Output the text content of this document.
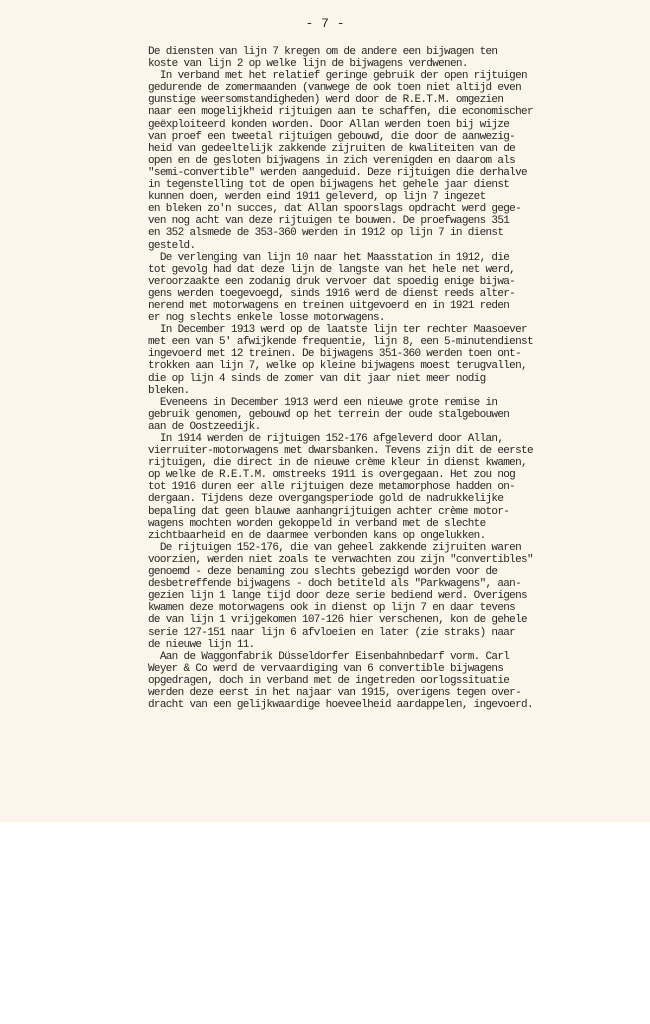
- 7 -
De diensten van lijn 7 kregen om de andere een bijwagen ten
koste van lijn 2 op welke lijn de bijwagens verdwenen.
In verband met het relatief geringe gebruik der open rijtuigen
gedurende de zomermaanden (vanwege de ook toen niet altijd even
gunstige weersomstandigheden) werd door de R.E.T.M. omgezien
naar een mogelijkheid rijtuigen aan te schaffen, die economischer
geëxploiteerd konden worden. Door Allan werden toen bij wijze
van proef een tweetal rijtuigen gebouwd, die door de aanwezig-
heid van gedeeltelijk zakkende zijruiten de kwaliteiten van de
open en de gesloten bijwagens in zich verenigden en daarom als
"semi-convertible" werden aangeduid. Deze rijtuigen die derhalve
in tegenstelling tot de open bijwagens het gehele jaar dienst
kunnen doen, werden eind 1911 geleverd, op lijn 7 ingezet
en bleken zo'n succes, dat Allan spoorslags opdracht werd gege-
ven nog acht van deze rijtuigen te bouwen. De proefwagens 351
en 352 alsmede de 353-360 werden in 1912 op lijn 7 in dienst
gesteld.
De verlenging van lijn 10 naar het Maasstation in 1912, die
tot gevolg had dat deze lijn de langste van het hele net werd,
veroorzaakte een zodanig druk vervoer dat spoedig enige bijwa-
gens werden toegevoegd, sinds 1916 werd de dienst reeds alter-
nerend met motorwagens en treinen uitgevoerd en in 1921 reden
er nog slechts enkele losse motorwagens.
In December 1913 werd op de laatste lijn ter rechter Maasoever
met een van 5' afwijkende frequentie, lijn 8, een 5-minutendienst
ingevoerd met 12 treinen. De bijwagens 351-360 werden toen ont-
trokken aan lijn 7, welke op kleine bijwagens moest terugvallen,
die op lijn 4 sinds de zomer van dit jaar niet meer nodig
bleken.
Eveneens in December 1913 werd een nieuwe grote remise in
gebruik genomen, gebouwd op het terrein der oude stalgebouwen
aan de Oostzeedijk.
In 1914 werden de rijtuigen 152-176 afgeleverd door Allan,
vierruiter-motorwagens met dwarsbanken. Tevens zijn dit de eerste
rijtuigen, die direct in de nieuwe crème kleur in dienst kwamen,
op welke de R.E.T.M. omstreeks 1911 is overgegaan. Het zou nog
tot 1916 duren eer alle rijtuigen deze metamorphose hadden on-
dergaan. Tijdens deze overgangsperiode gold de nadrukkelijke
bepaling dat geen blauwe aanhangrijtuigen achter crème motor-
wagens mochten worden gekoppeld in verband met de slechte
zichtbaarheid en de daarmee verbonden kans op ongelukken.
De rijtuigen 152-176, die van geheel zakkende zijruiten waren
voorzien, werden niet zoals te verwachten zou zijn "convertibles"
genoemd - deze benaming zou slechts gebezigd worden voor de
desbetreffende bijwagens - doch betiteld als "Parkwagens", aan-
gezien lijn 1 lange tijd door deze serie bediend werd. Overigens
kwamen deze motorwagens ook in dienst op lijn 7 en daar tevens
de van lijn 1 vrijgekomen 107-126 hier verschenen, kon de gehele
serie 127-151 naar lijn 6 afvloeien en later (zie straks) naar
de nieuwe lijn 11.
Aan de Waggonfabrik Düsseldorfer Eisenbahnbedarf vorm. Carl
Weyer & Co werd de vervaardiging van 6 convertible bijwagens
opgedragen, doch in verband met de ingetreden oorlogssituatie
werden deze eerst in het najaar van 1915, overigens tegen over-
dracht van een gelijkwaardige hoeveelheid aardappelen, ingevoerd.
